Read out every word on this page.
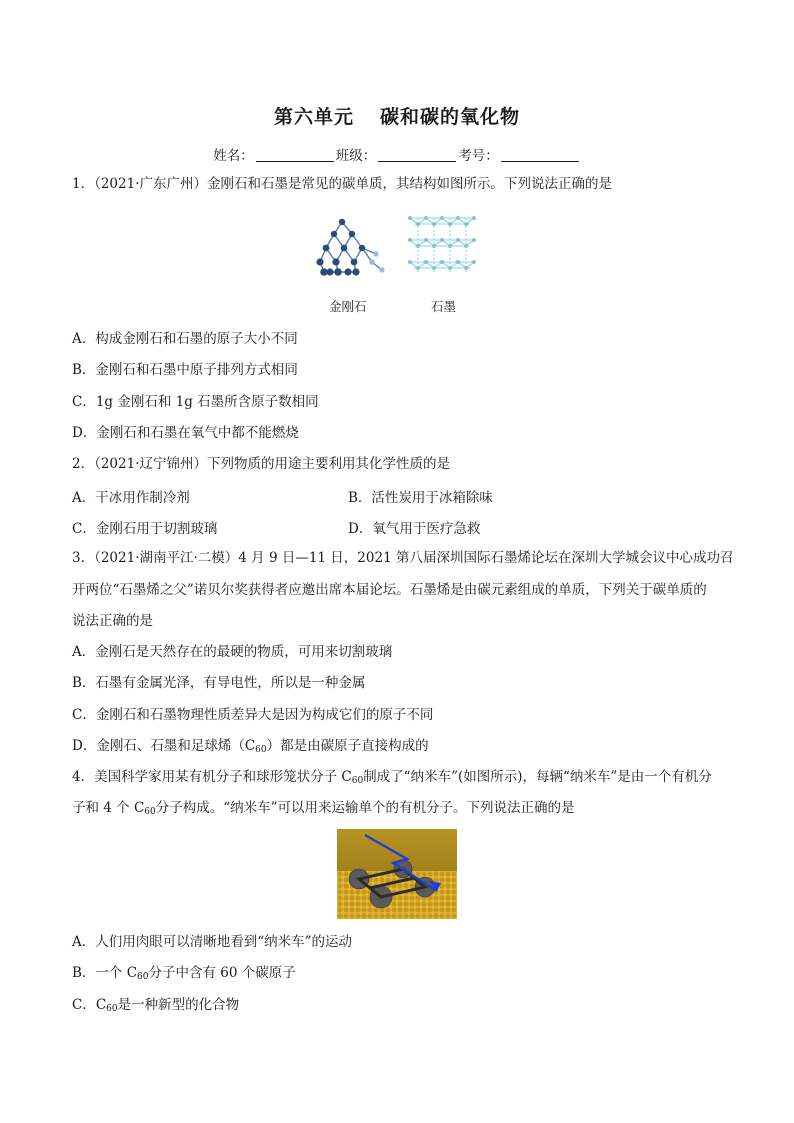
第六单元 碳和碳的氧化物
姓名：	班级：	考号：
1．（2021·广东广州）金刚石和石墨是常见的碳单质，其结构如图所示。下列说法正确的是
金刚石	石墨
A．构成金刚石和石墨的原子大小不同
B．金刚石和石墨中原子排列方式相同
C．1g 金刚石和 1g 石墨所含原子数相同
D．金刚石和石墨在氧气中都不能燃烧
2．（2021·辽宁锦州）下列物质的用途主要利用其化学性质的是
A．干冰用作制冷剂	B．活性炭用于冰箱除味
C．金刚石用于切割玻璃	D．氧气用于医疗急救
3．（2021·湖南平江·二模）4 月 9 日—11 日，2021 第八届深圳国际石墨烯论坛在深圳大学城会议中心成功召
开两位“石墨烯之父”诺贝尔奖获得者应邀出席本届论坛。石墨烯是由碳元素组成的单质，下列关于碳单质的
说法正确的是
A．金刚石是天然存在的最硬的物质，可用来切割玻璃
B．石墨有金属光泽，有导电性，所以是一种金属
C．金刚石和石墨物理性质差异大是因为构成它们的原子不同
D．金刚石、石墨和足球烯$(C_{60})$都是由碳原子直接构成的
4．美国科学家用某有机分子和球形笼状分子 $C_{60}$制成了“纳米车”(如图所示)，每辆“纳米车”是由一个有机分
子和 4 个 $C_{60}$分子构成。“纳米车”可以用来运输单个的有机分子。下列说法正确的是
A．人们用肉眼可以清晰地看到“纳米车”的运动
B．一个 $C_{60}$分子中含有 60 个碳原子
C．$C_{60}$是一种新型的化合物
